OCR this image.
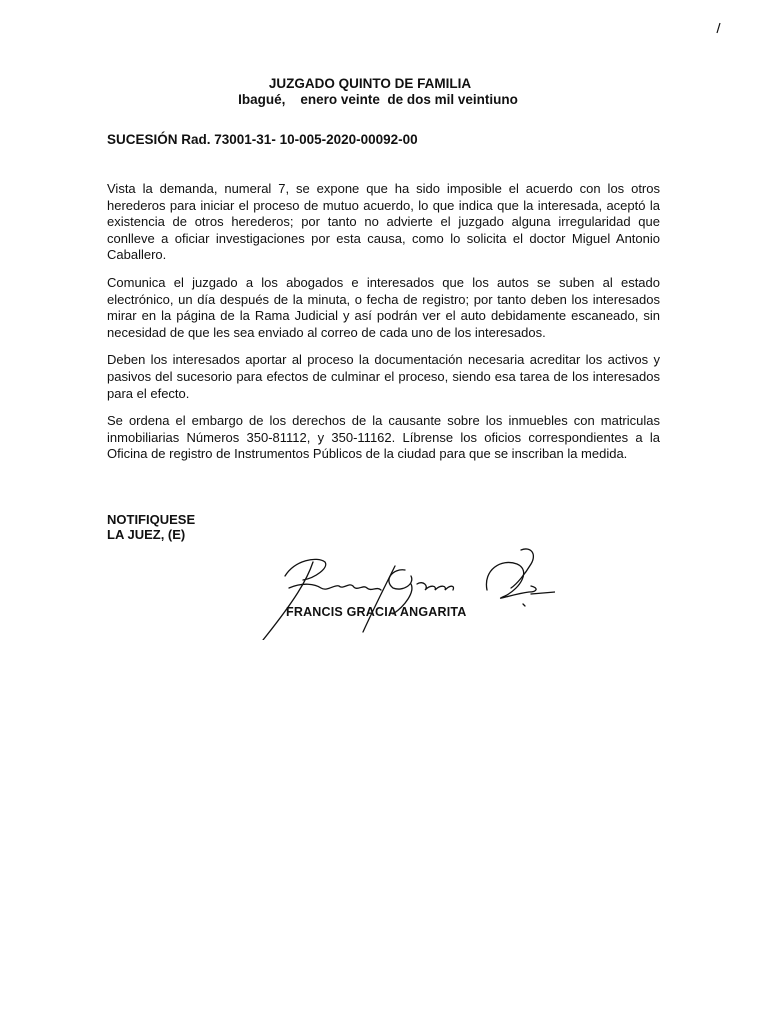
JUZGADO QUINTO DE FAMILIA
Ibagué,    enero veinte  de dos mil veintiuno
SUCESIÓN Rad. 73001-31- 10-005-2020-00092-00

Vista la demanda, numeral 7, se expone que ha sido imposible el acuerdo con los otros herederos para iniciar el proceso de mutuo acuerdo, lo que indica que la interesada, aceptó la existencia de otros herederos; por tanto no advierte el juzgado alguna irregularidad que conlleve a oficiar investigaciones por esta causa, como lo solicita el doctor Miguel Antonio Caballero.

Comunica el juzgado a los abogados e interesados que los autos se suben al estado electrónico, un día después de la minuta, o fecha de registro; por tanto deben los interesados mirar en la página de la Rama Judicial y así podrán ver el auto debidamente escaneado, sin necesidad de que les sea enviado al correo de cada uno de los interesados.

Deben los interesados aportar al proceso la documentación necesaria acreditar los activos y pasivos del sucesorio para efectos de culminar el proceso, siendo esa tarea de los interesados para el efecto.

Se ordena el embargo de los derechos de la causante sobre los inmuebles con matriculas inmobiliarias Números 350-81112, y 350-11162. Líbrense los oficios correspondientes a la Oficina de registro de Instrumentos Públicos de la ciudad para que se inscriban la medida.

NOTIFIQUESE
LA JUEZ, (E)
FRANCIS GRACIA ANGARITA
